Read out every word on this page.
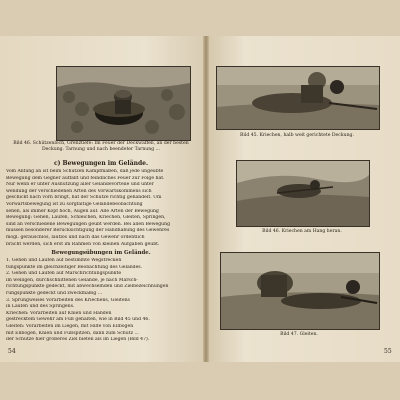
Bild 46. Schützenloch, Grenztiefe: Im Feuer der Deckwaffen, an der besten Deckung. Tarnung und nach beendeter Tarnung ...
c) Bewegungen im Gelände.
Vom Anfang an ist beim Schützen Kampfmaßen, daß jede ungeübte
Bewegung dem Gegner auffällt und feindliches Feuer zur Folge hat.
Nur wenn er unter Ausnutzung aller Geländevorteile und unter
wendung der verschiedenen Arten des Vorwärtskommens sich
geschickt nach vorn bringt, hat der Schütze richtig gehandelt. Um
Vorwärtsbewegung ist zu sorgfältige Geländebeobachtung
sehen, als immer Kopf hoch, Augen auf. Alle Arten der Bewegung
Bewegung: Gehen, Laufen, Schleichen, Kriechen, Gleiten, Springen,
sind an verschiedene Bewegungen geübt werden. Bei allen Bewegung
müssen besonderer Berücksichtigung der Handhabung des Gewehres
mögl. geräuschlos, lautlos und nach das Gewehr ordentlich
bracht werden, sich erst im Rahmen von kleinen Aufgaben geübt.
Bewegungsübungen im Gelände.
1. Gehen und Laufen auf bestimmte Wegstrecken
tungspunkte im gleichzeitiger Beobachtung des Geländes.
2. Gehen und Laufen auf Marschrichtungspunkte
im welligen, durchschnittenen Gelände, je nach Marsch-
richtungspunkte gedeckt, mit abwechselnden und Zielbezeichnungen
rungspunkte gedeckt und zweckmäßig ...
3. Sprungweises Vorarbeiten des Kriechens, Gleitens
in Laufen und des Springens.
Kriechen: Vorarbeiten auf Knien und Händen
gestrecktem Gewehr am Fuß gehalten, wie in Bild 45 und 46.
Gleiten: Vorarbeiten im Liegen, mit Hilfe von Ellbogen
mit Ellbogen, Knien und Fußspitzen, dann zum Schutz ...
der Schütze hier größeres Ziel bieten als im Liegen (Bild 47).
54
Bild 45. Kriechen, halb weit gerichtete Deckung.
Bild 46. Kriechen am Hang heran.
Bild 47. Gleiten.
55
